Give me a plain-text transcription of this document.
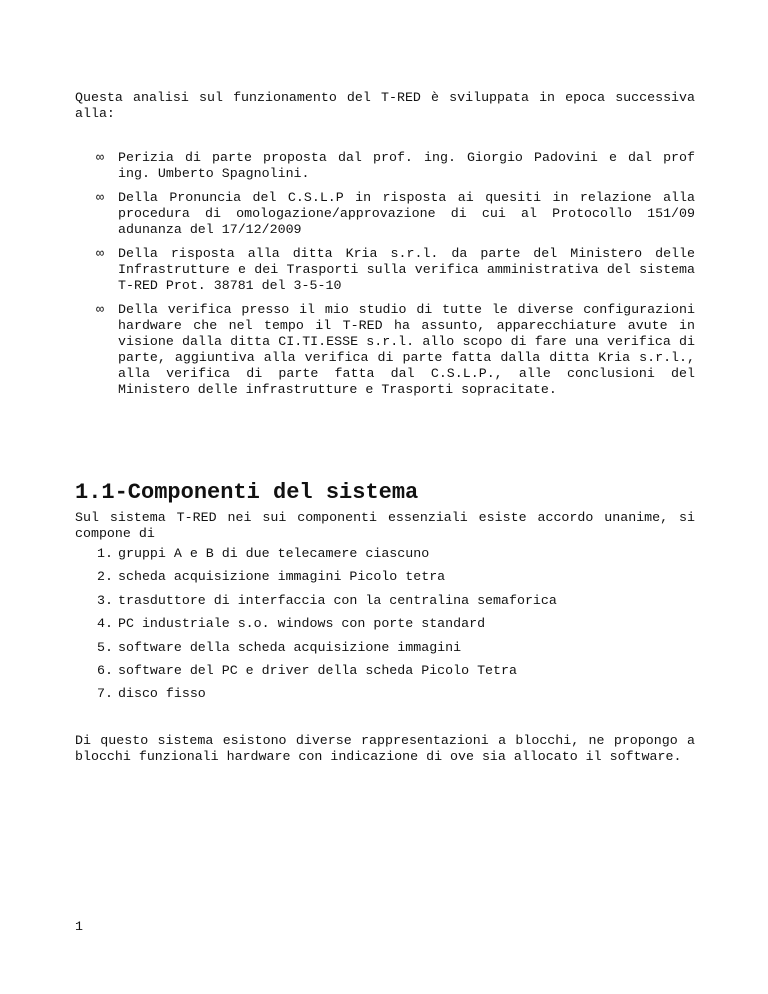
Questa analisi sul funzionamento del T-RED è sviluppata in epoca successiva alla:

∞ Perizia di parte proposta dal prof. ing. Giorgio Padovini e dal prof ing. Umberto Spagnolini.
∞ Della Pronuncia del C.S.L.P in risposta ai quesiti in relazione alla procedura di omologazione/approvazione di cui al Protocollo 151/09 adunanza del 17/12/2009
∞ Della risposta alla ditta Kria s.r.l. da parte del Ministero delle Infrastrutture e dei Trasporti sulla verifica amministrativa del sistema T-RED Prot. 38781 del 3-5-10
∞ Della verifica presso il mio studio di tutte le diverse configurazioni hardware che nel tempo il T-RED ha assunto, apparecchiature avute in visione dalla ditta CI.TI.ESSE s.r.l. allo scopo di fare una verifica di parte, aggiuntiva alla verifica di parte fatta dalla ditta Kria s.r.l., alla verifica di parte fatta dal C.S.L.P., alle conclusioni del Ministero delle infrastrutture e Trasporti sopracitate.
1.1-Componenti del sistema

Sul sistema T-RED nei sui componenti essenziali esiste accordo unanime, si compone di

1. gruppi A e B di due telecamere ciascuno
2. scheda acquisizione immagini Picolo tetra
3. trasduttore di interfaccia con la centralina semaforica
4. PC industriale s.o. windows con porte standard
5. software della scheda acquisizione immagini
6. software del PC e driver della scheda Picolo Tetra
7. disco fisso

Di questo sistema esistono diverse rappresentazioni a blocchi, ne propongo a blocchi funzionali hardware con indicazione di ove sia allocato il software.

1
